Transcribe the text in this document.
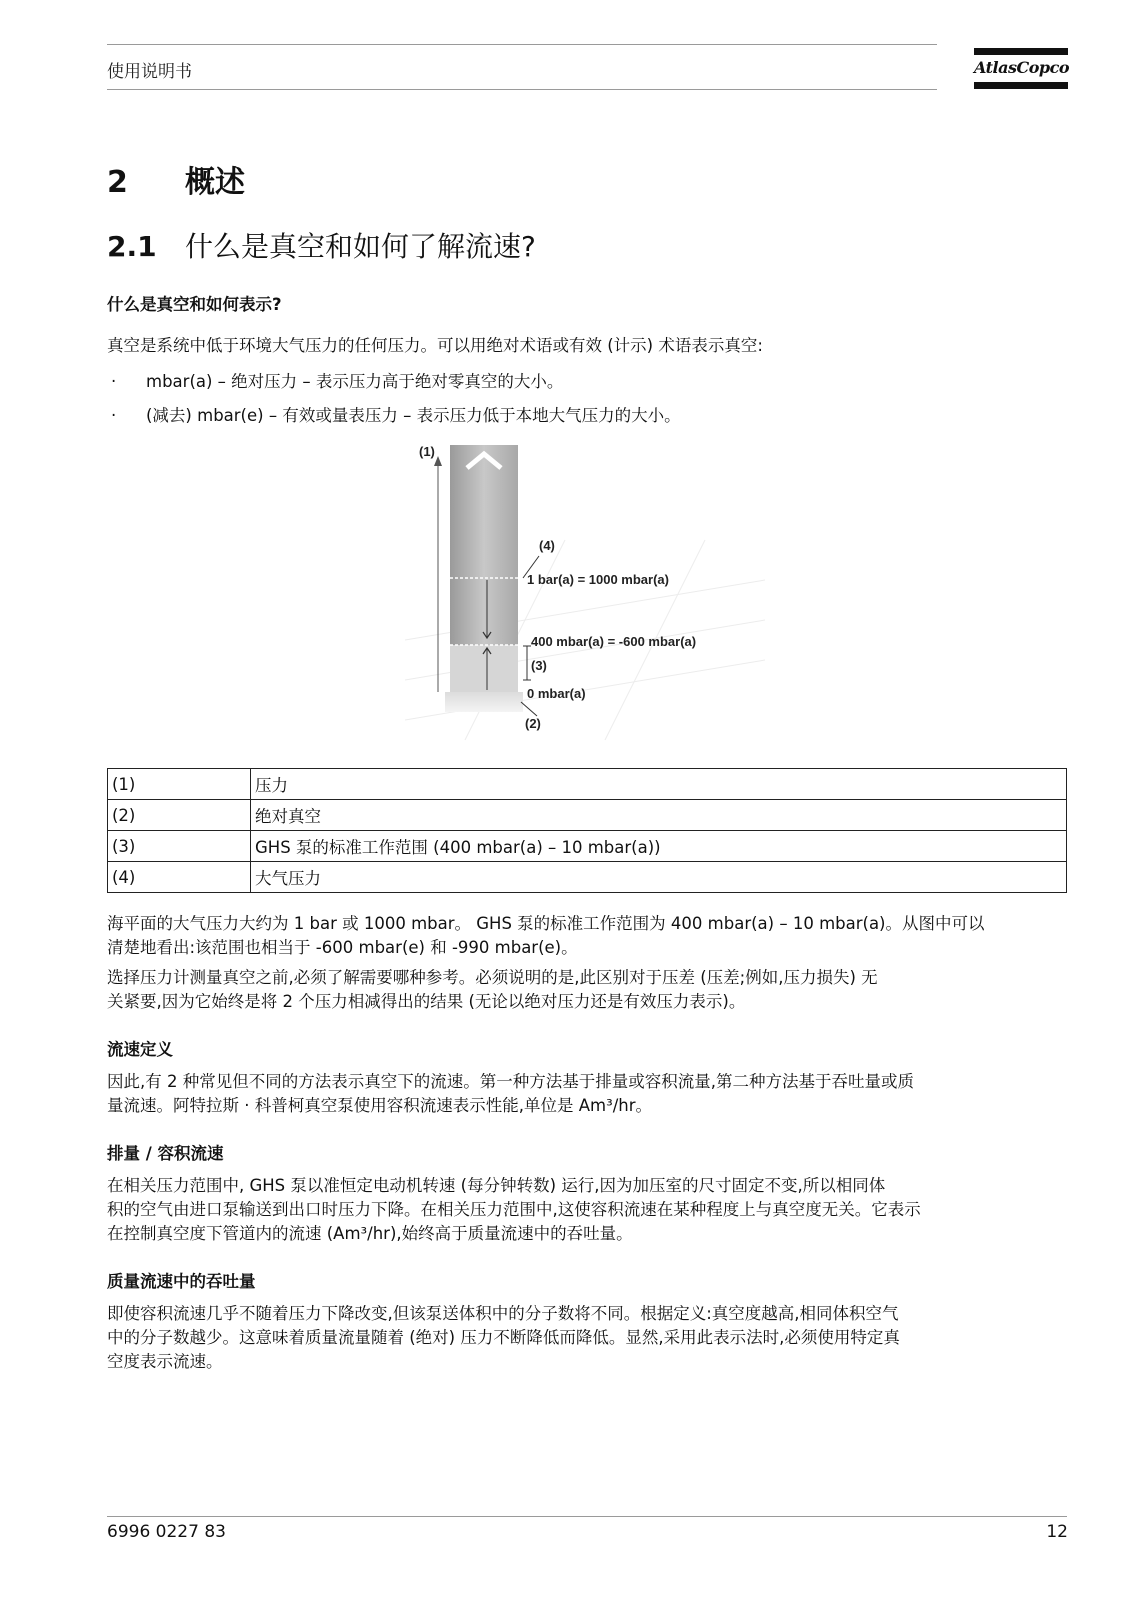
使用说明书	AtlasCopco
2 概述
2.1 什么是真空和如何了解流速?
什么是真空和如何表示?
真空是系统中低于环境大气压力的任何压力。可以用绝对术语或有效 (计示) 术语表示真空:
· mbar(a) – 绝对压力 – 表示压力高于绝对零真空的大小。
· (减去) mbar(e) – 有效或量表压力 – 表示压力低于本地大气压力的大小。
(1)
(4)
1 bar(a) = 1000 mbar(a)
400 mbar(a) = -600 mbar(a)
(3)
0 mbar(a)
(2)
(1)	压力
(2)	绝对真空
(3)	GHS 泵的标准工作范围 (400 mbar(a) – 10 mbar(a))
(4)	大气压力
海平面的大气压力大约为 1 bar 或 1000 mbar。 GHS 泵的标准工作范围为 400 mbar(a) – 10 mbar(a)。从图中可以
清楚地看出:该范围也相当于 -600 mbar(e) 和 -990 mbar(e)。
选择压力计测量真空之前,必须了解需要哪种参考。必须说明的是,此区别对于压差 (压差;例如,压力损失) 无
关紧要,因为它始终是将 2 个压力相减得出的结果 (无论以绝对压力还是有效压力表示)。
流速定义
因此,有 2 种常见但不同的方法表示真空下的流速。第一种方法基于排量或容积流量,第二种方法基于吞吐量或质
量流速。阿特拉斯 · 科普柯真空泵使用容积流速表示性能,单位是 Am³/hr。
排量 / 容积流速
在相关压力范围中, GHS 泵以准恒定电动机转速 (每分钟转数) 运行,因为加压室的尺寸固定不变,所以相同体
积的空气由进口泵输送到出口时压力下降。在相关压力范围中,这使容积流速在某种程度上与真空度无关。它表示
在控制真空度下管道内的流速 (Am³/hr),始终高于质量流速中的吞吐量。
质量流速中的吞吐量
即使容积流速几乎不随着压力下降改变,但该泵送体积中的分子数将不同。根据定义:真空度越高,相同体积空气
中的分子数越少。这意味着质量流量随着 (绝对) 压力不断降低而降低。显然,采用此表示法时,必须使用特定真
空度表示流速。
6996 0227 83	12
